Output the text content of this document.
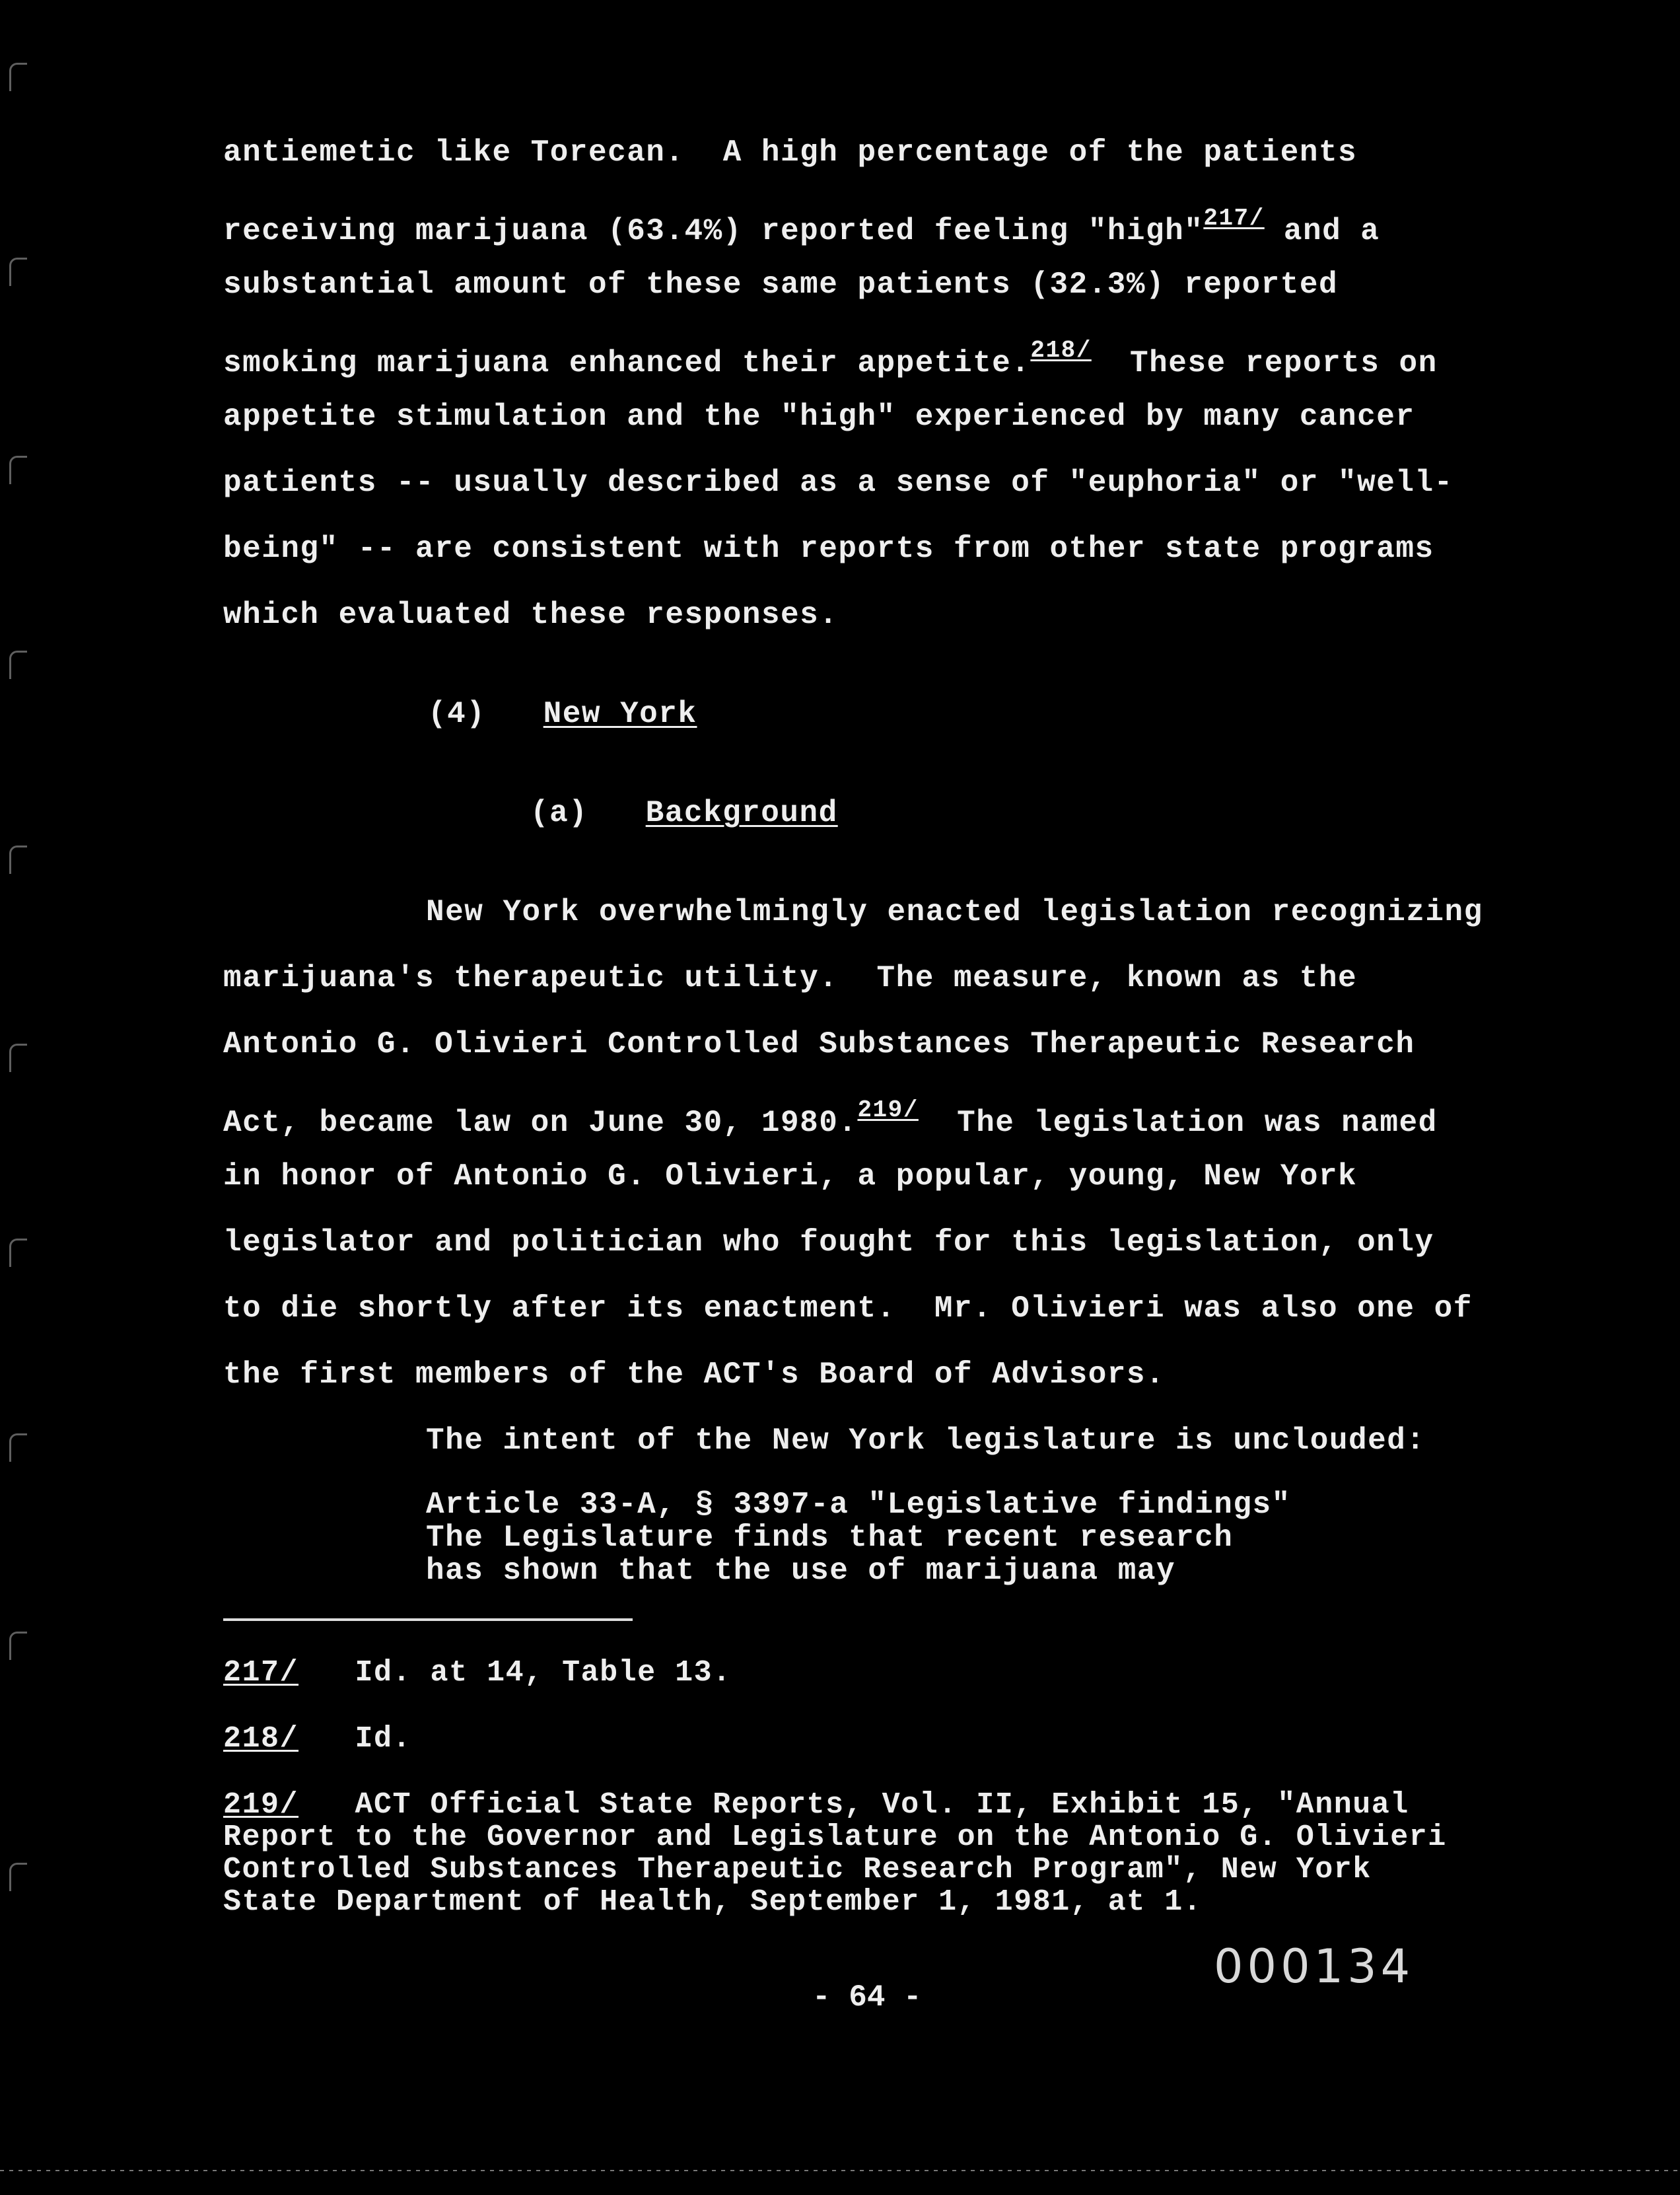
antiemetic like Torecan.  A high percentage of the patients
receiving marijuana (63.4%) reported feeling "high"$^{217/}$ and a
substantial amount of these same patients (32.3%) reported
smoking marijuana enhanced their appetite.$^{218/}$  These reports on
appetite stimulation and the "high" experienced by many cancer
patients -- usually described as a sense of "euphoria" or "well-
being" -- are consistent with reports from other state programs
which evaluated these responses.
(4) New York
(a) Background
New York overwhelmingly enacted legislation recognizing
marijuana's therapeutic utility.  The measure, known as the
Antonio G. Olivieri Controlled Substances Therapeutic Research
Act, became law on June 30, 1980.$^{219/}$  The legislation was named
in honor of Antonio G. Olivieri, a popular, young, New York
legislator and politician who fought for this legislation, only
to die shortly after its enactment.  Mr. Olivieri was also one of
the first members of the ACT's Board of Advisors.
The intent of the New York legislature is unclouded:
Article 33-A, § 3397-a "Legislative findings"
The Legislature finds that recent research
has shown that the use of marijuana may
217/   Id. at 14, Table 13.
218/   Id.
219/   ACT Official State Reports, Vol. II, Exhibit 15, "Annual
Report to the Governor and Legislature on the Antonio G. Olivieri
Controlled Substances Therapeutic Research Program", New York
State Department of Health, September 1, 1981, at 1.
000134
- 64 -
